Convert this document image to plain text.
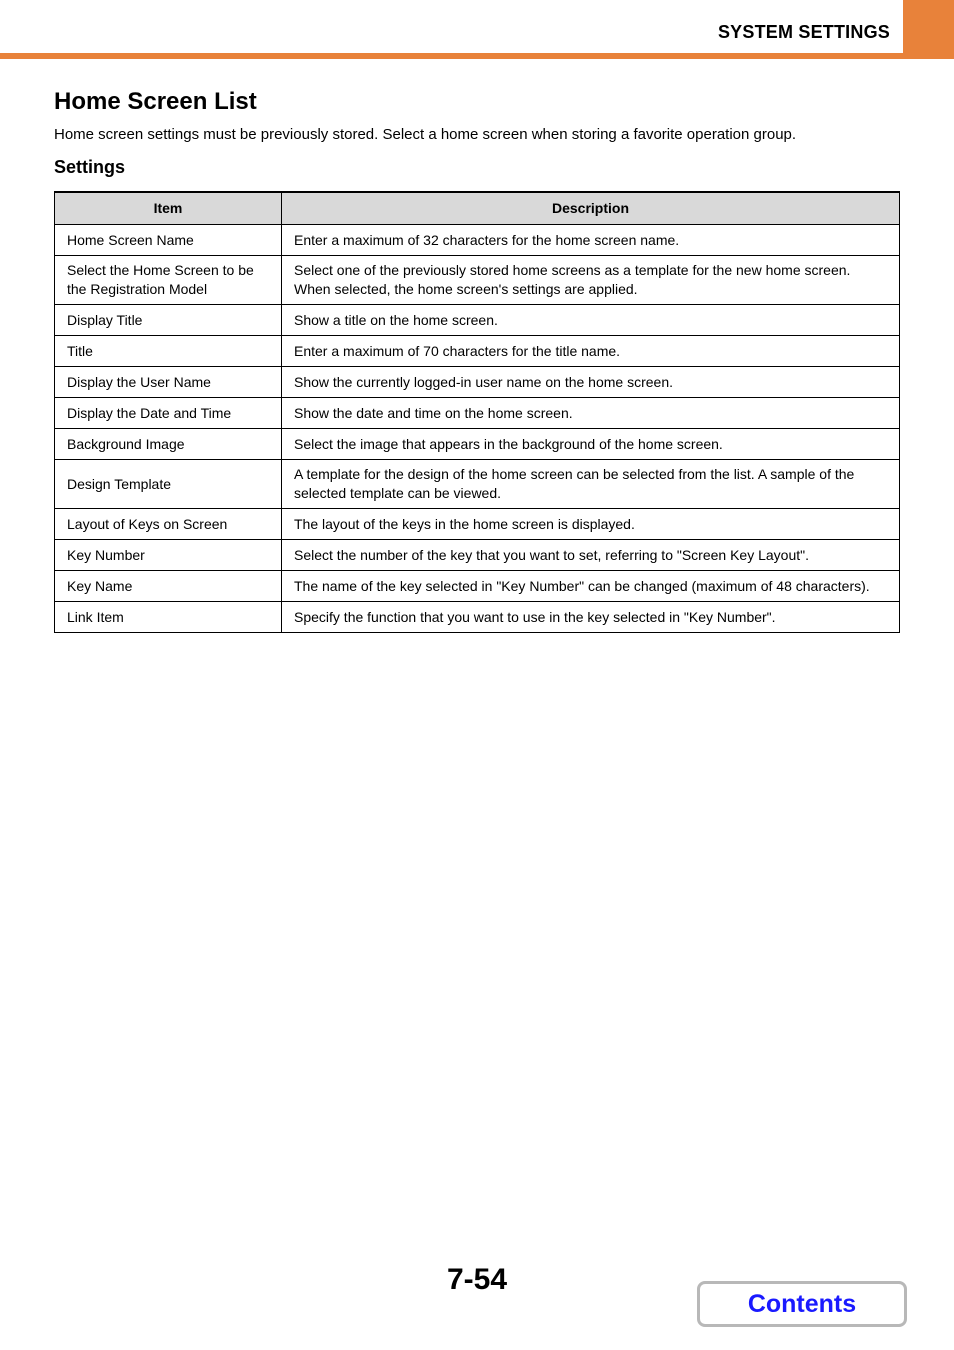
SYSTEM SETTINGS
Home Screen List

Home screen settings must be previously stored. Select a home screen when storing a favorite operation group.

Settings
Item	Description
Home Screen Name	Enter a maximum of 32 characters for the home screen name.
Select the Home Screen to be the Registration Model	Select one of the previously stored home screens as a template for the new home screen. When selected, the home screen's settings are applied.
Display Title	Show a title on the home screen.
Title	Enter a maximum of 70 characters for the title name.
Display the User Name	Show the currently logged-in user name on the home screen.
Display the Date and Time	Show the date and time on the home screen.
Background Image	Select the image that appears in the background of the home screen.
Design Template	A template for the design of the home screen can be selected from the list. A sample of the selected template can be viewed.
Layout of Keys on Screen	The layout of the keys in the home screen is displayed.
Key Number	Select the number of the key that you want to set, referring to "Screen Key Layout".
Key Name	The name of the key selected in "Key Number" can be changed (maximum of 48 characters).
Link Item	Specify the function that you want to use in the key selected in "Key Number".
7-54
Contents
